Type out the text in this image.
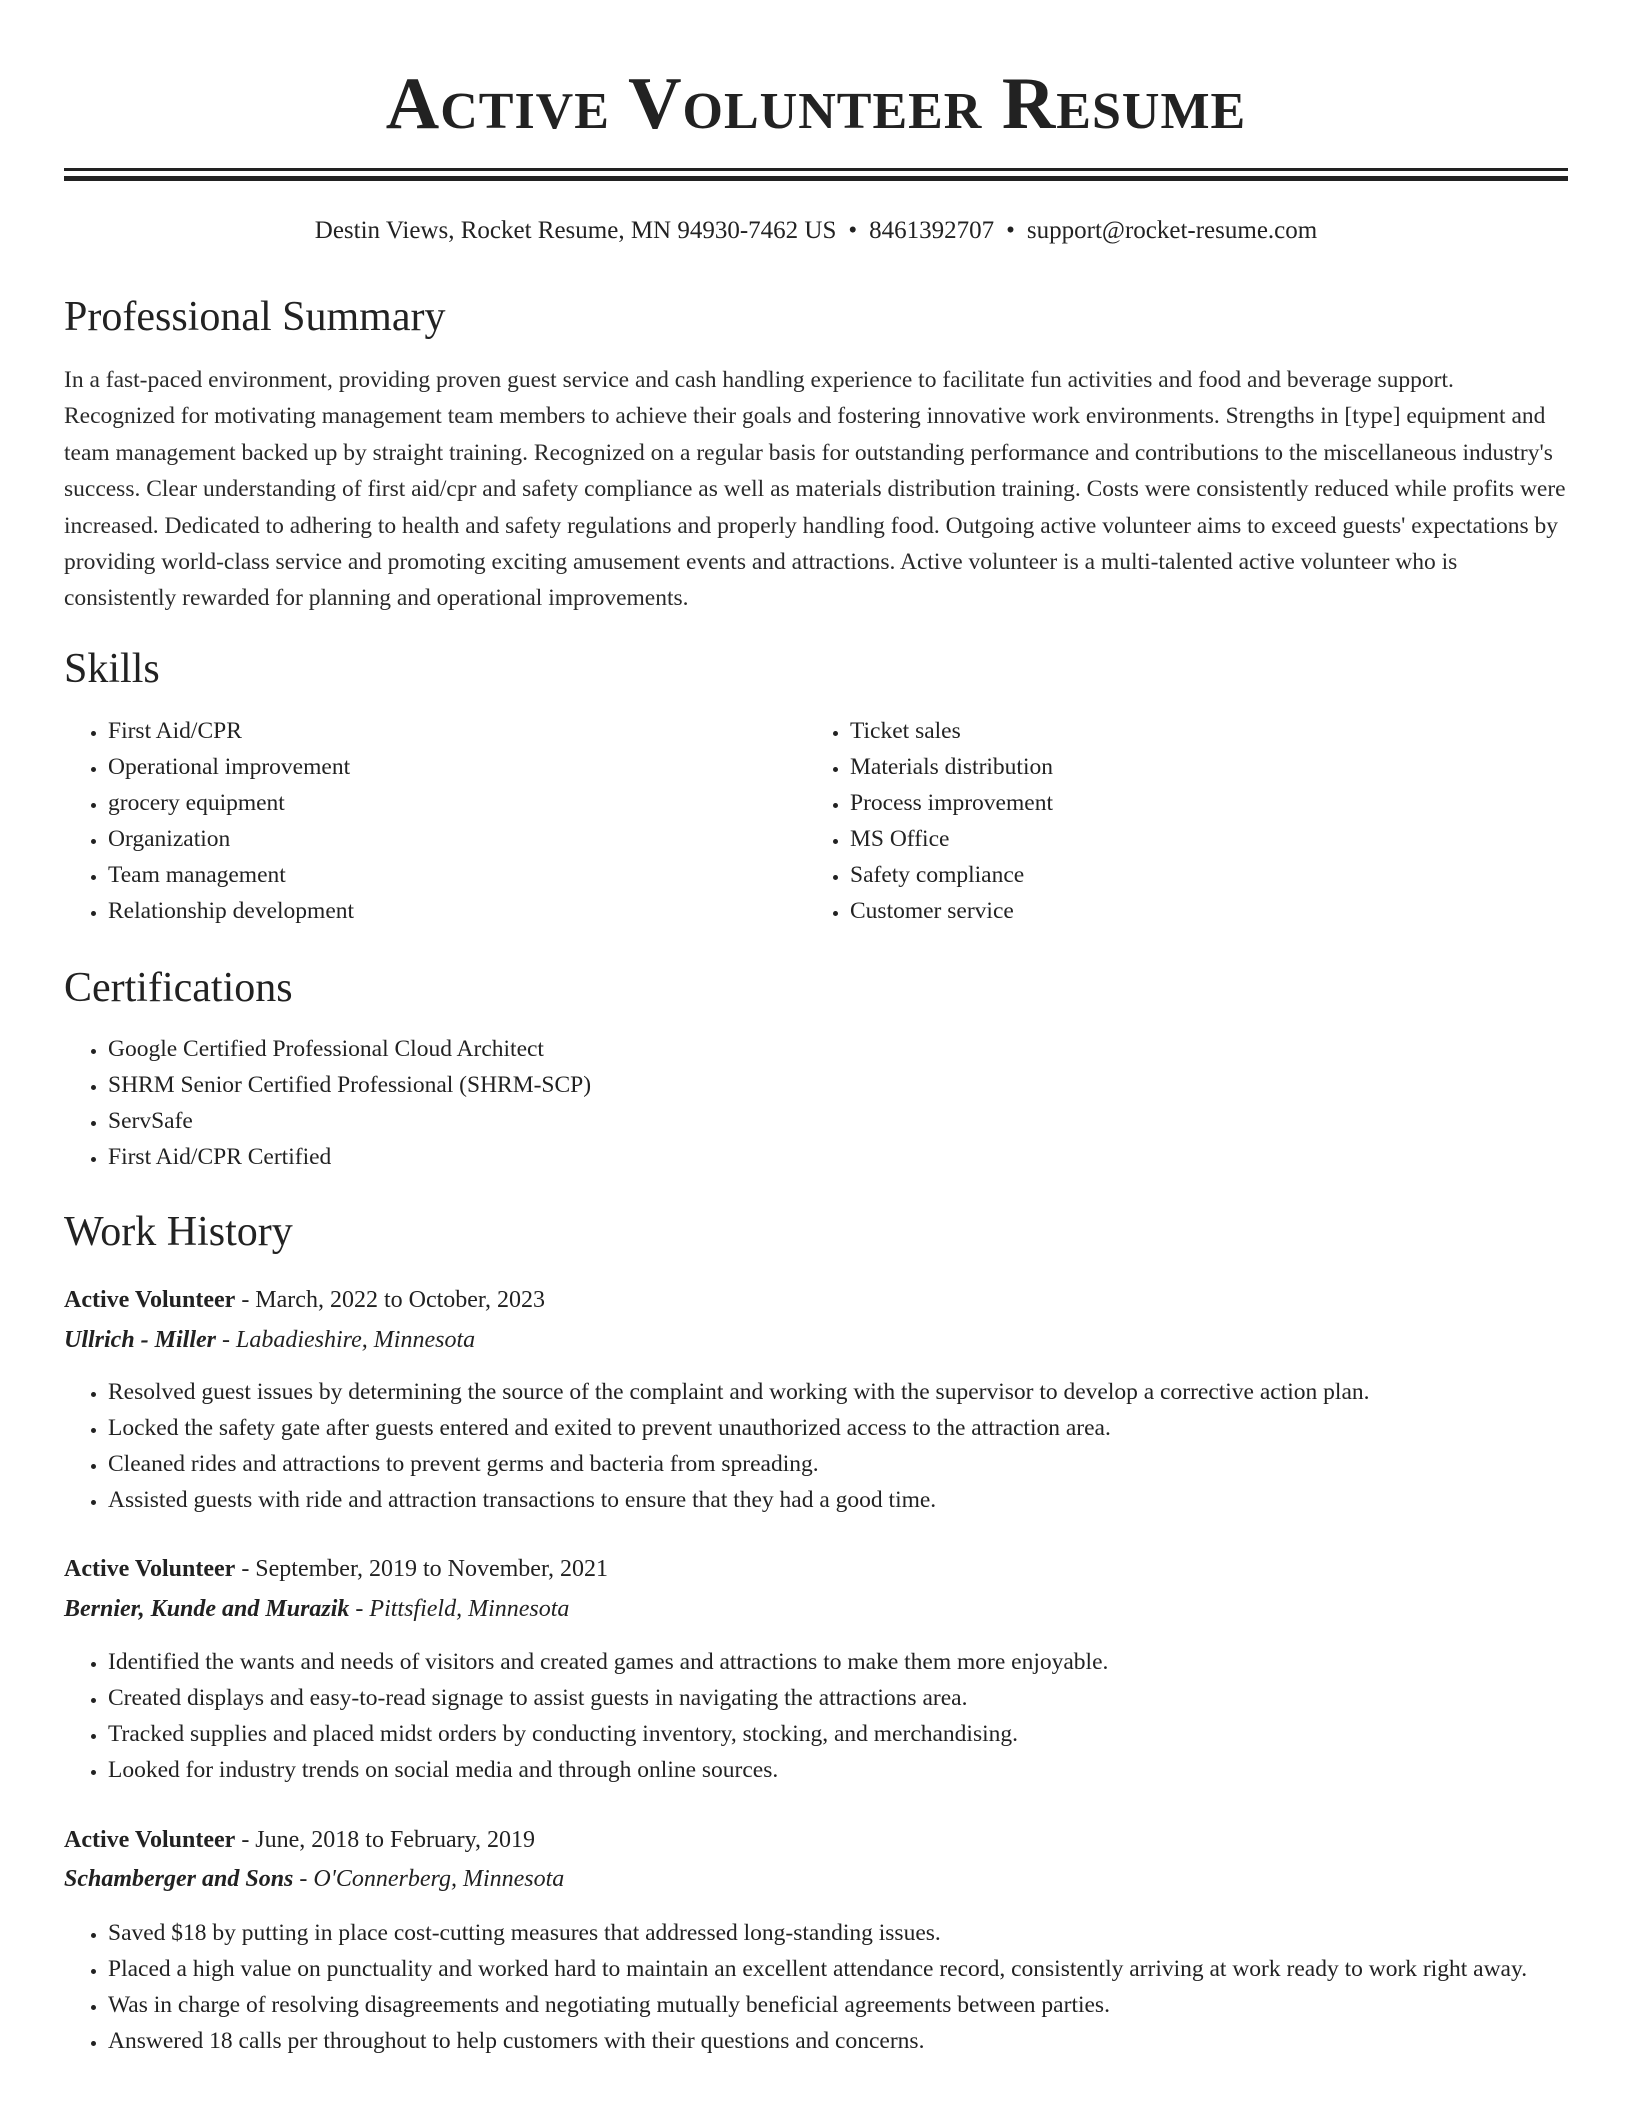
Active Volunteer Resume
Destin Views, Rocket Resume, MN 94930-7462 US • 8461392707 • support@rocket-resume.com
Professional Summary

In a fast-paced environment, providing proven guest service and cash handling experience to facilitate fun activities and food and beverage support. Recognized for motivating management team members to achieve their goals and fostering innovative work environments. Strengths in [type] equipment and team management backed up by straight training. Recognized on a regular basis for outstanding performance and contributions to the miscellaneous industry's success. Clear understanding of first aid/cpr and safety compliance as well as materials distribution training. Costs were consistently reduced while profits were increased. Dedicated to adhering to health and safety regulations and properly handling food. Outgoing active volunteer aims to exceed guests' expectations by providing world-class service and promoting exciting amusement events and attractions. Active volunteer is a multi-talented active volunteer who is consistently rewarded for planning and operational improvements.

Skills
• First Aid/CPR
• Operational improvement
• grocery equipment
• Organization
• Team management
• Relationship development
• Ticket sales
• Materials distribution
• Process improvement
• MS Office
• Safety compliance
• Customer service
Certifications
• Google Certified Professional Cloud Architect
• SHRM Senior Certified Professional (SHRM-SCP)
• ServSafe
• First Aid/CPR Certified
Work History
Active Volunteer - March, 2022 to October, 2023
Ullrich - Miller - Labadieshire, Minnesota
• Resolved guest issues by determining the source of the complaint and working with the supervisor to develop a corrective action plan.
• Locked the safety gate after guests entered and exited to prevent unauthorized access to the attraction area.
• Cleaned rides and attractions to prevent germs and bacteria from spreading.
• Assisted guests with ride and attraction transactions to ensure that they had a good time.
Active Volunteer - September, 2019 to November, 2021
Bernier, Kunde and Murazik - Pittsfield, Minnesota
• Identified the wants and needs of visitors and created games and attractions to make them more enjoyable.
• Created displays and easy-to-read signage to assist guests in navigating the attractions area.
• Tracked supplies and placed midst orders by conducting inventory, stocking, and merchandising.
• Looked for industry trends on social media and through online sources.
Active Volunteer - June, 2018 to February, 2019
Schamberger and Sons - O'Connerberg, Minnesota
• Saved $18 by putting in place cost-cutting measures that addressed long-standing issues.
• Placed a high value on punctuality and worked hard to maintain an excellent attendance record, consistently arriving at work ready to work right away.
• Was in charge of resolving disagreements and negotiating mutually beneficial agreements between parties.
• Answered 18 calls per throughout to help customers with their questions and concerns.
